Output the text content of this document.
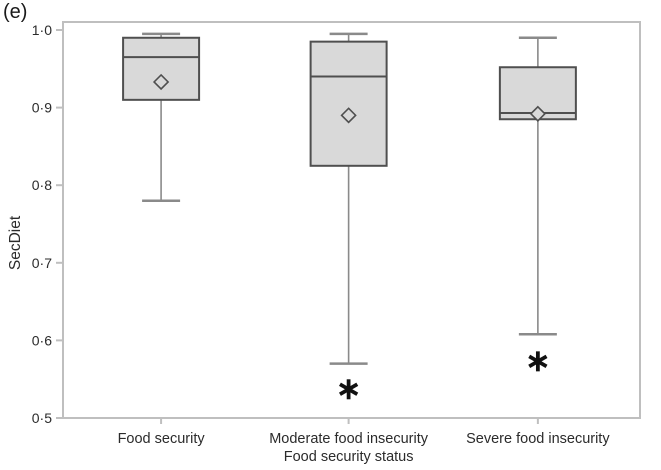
(e)
1·0
0·9
0·8
0·7
0·6
0·5
Food security	Moderate food insecurity	Severe food insecurity
Food security status
SecDiet
